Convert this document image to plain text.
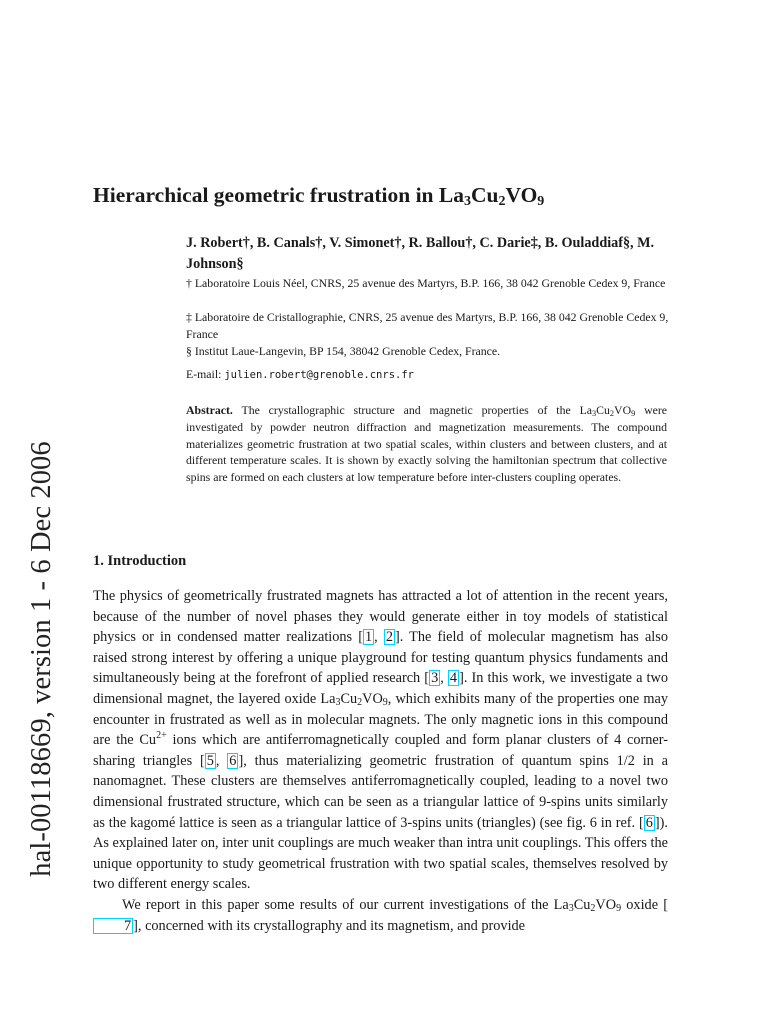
hal-00118669, version 1 - 6 Dec 2006
Hierarchical geometric frustration in $La_3Cu_2VO_9$
J. Robert†, B. Canals†, V. Simonet†, R. Ballou†, C. Darie‡, B. Ouladdiaf§, M. Johnson§
† Laboratoire Louis Néel, CNRS, 25 avenue des Martyrs, B.P. 166, 38 042 Grenoble Cedex 9, France
‡ Laboratoire de Cristallographie, CNRS, 25 avenue des Martyrs, B.P. 166, 38 042 Grenoble Cedex 9, France
§ Institut Laue-Langevin, BP 154, 38042 Grenoble Cedex, France.
E-mail: julien.robert@grenoble.cnrs.fr
Abstract. The crystallographic structure and magnetic properties of the $La_3Cu_2VO_9$ were investigated by powder neutron diffraction and magnetization measurements. The compound materializes geometric frustration at two spatial scales, within clusters and between clusters, and at different temperature scales. It is shown by exactly solving the hamiltonian spectrum that collective spins are formed on each clusters at low temperature before inter-clusters coupling operates.
1. Introduction

The physics of geometrically frustrated magnets has attracted a lot of attention in the recent years, because of the number of novel phases they would generate either in toy models of statistical physics or in condensed matter realizations [ 1 , 2 ]. The field of molecular magnetism has also raised strong interest by offering a unique playground for testing quantum physics fundaments and simultaneously being at the forefront of applied research [ 3 , 4 ]. In this work, we investigate a two dimensional magnet, the layered oxide $La_3Cu_2VO_9$, which exhibits many of the properties one may encounter in frustrated as well as in molecular magnets. The only magnetic ions in this compound are the $Cu^{2+}$ ions which are antiferromagnetically coupled and form planar clusters of 4 corner-sharing triangles [ 5 , 6 ], thus materializing geometric frustration of quantum spins 1/2 in a nanomagnet. These clusters are themselves antiferromagnetically coupled, leading to a novel two dimensional frustrated structure, which can be seen as a triangular lattice of 9-spins units similarly as the kagomé lattice is seen as a triangular lattice of 3-spins units (triangles) (see fig. 6 in ref. [ 6 ]). As explained later on, inter unit couplings are much weaker than intra unit couplings. This offers the unique opportunity to study geometrical frustration with two spatial scales, themselves resolved by two different energy scales.

We report in this paper some results of our current investigations of the $La_3Cu_2VO_9$ oxide [7 ], concerned with its crystallography and its magnetism, and provide
